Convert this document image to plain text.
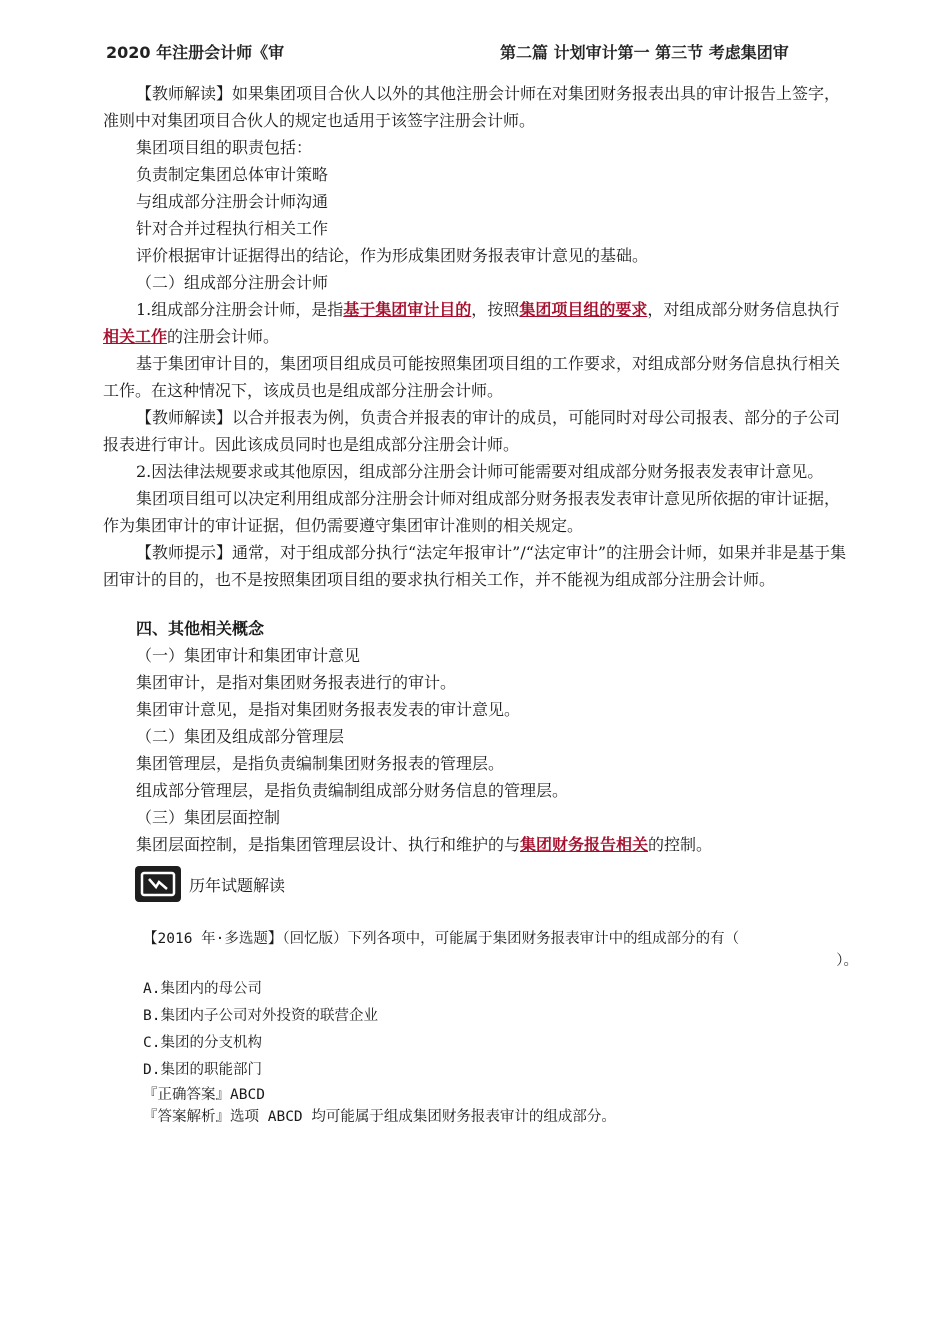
2020 年注册会计师《审	第二篇 计划审计第一 第三节 考虑集团审

【教师解读】如果集团项目合伙人以外的其他注册会计师在对集团财务报表出具的审计报告上签字， 准则中对集团项目合伙人的规定也适用于该签字注册会计师。

集团项目组的职责包括：

负责制定集团总体审计策略

与组成部分注册会计师沟通

针对合并过程执行相关工作

评价根据审计证据得出的结论，作为形成集团财务报表审计意见的基础。

（二）组成部分注册会计师

1.组成部分注册会计师，是指基于集团审计目的，按照集团项目组的要求，对组成部分财务信息执行相关工作的注册会计师。

基于集团审计目的，集团项目组成员可能按照集团项目组的工作要求，对组成部分财务信息执行相关工作。在这种情况下，该成员也是组成部分注册会计师。

【教师解读】以合并报表为例，负责合并报表的审计的成员，可能同时对母公司报表、部分的子公司报表进行审计。因此该成员同时也是组成部分注册会计师。

2.因法律法规要求或其他原因，组成部分注册会计师可能需要对组成部分财务报表发表审计意见。

集团项目组可以决定利用组成部分注册会计师对组成部分财务报表发表审计意见所依据的审计证据，作为集团审计的审计证据，但仍需要遵守集团审计准则的相关规定。

【教师提示】通常，对于组成部分执行“法定年报审计”/“法定审计”的注册会计师，如果并非是基于集团审计的目的，也不是按照集团项目组的要求执行相关工作，并不能视为组成部分注册会计师。

四、其他相关概念

（一）集团审计和集团审计意见

集团审计，是指对集团财务报表进行的审计。

集团审计意见，是指对集团财务报表发表的审计意见。

（二）集团及组成部分管理层

集团管理层，是指负责编制集团财务报表的管理层。

组成部分管理层，是指负责编制组成部分财务信息的管理层。

（三）集团层面控制

集团层面控制，是指集团管理层设计、执行和维护的与集团财务报告相关的控制。

历年试题解读
【2016 年·多选题】（回忆版）下列各项中，可能属于集团财务报表审计中的组成部分的有（
）。
A.集团内的母公司
B.集团内子公司对外投资的联营企业
C.集团的分支机构
D.集团的职能部门
『正确答案』ABCD
『答案解析』选项 ABCD 均可能属于组成集团财务报表审计的组成部分。
